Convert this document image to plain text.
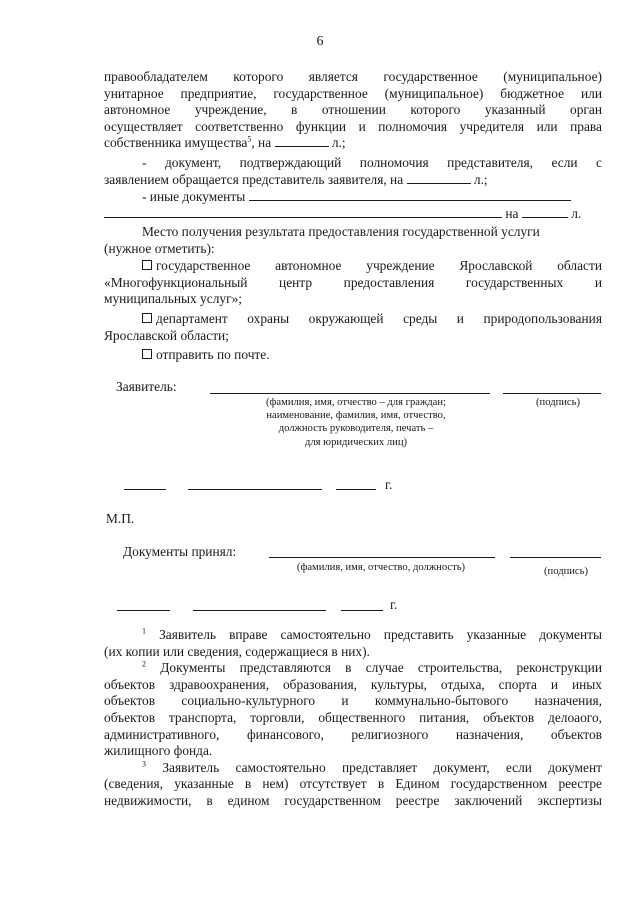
6
правообладателем которого является государственное (муниципальное)
унитарное предприятие, государственное (муниципальное) бюджетное или
автономное учреждение, в отношении которого указанный орган
осуществляет соответственно функции и полномочия учредителя или права
собственника имущества$^5$, на	л.;
- документ, подтверждающий полномочия представителя, если с
заявлением обращается представитель заявителя, на	л.;
- иные документы
на	л.
Место получения результата предоставления государственной услуги
(нужное отметить):
государственное автономное учреждение Ярославской области
«Многофункциональный центр предоставления государственных и
муниципальных услуг»;
департамент охраны окружающей среды и природопользования
Ярославской области;
отправить по почте.
Заявитель:
(фамилия, имя, отчество – для граждан;
наименование, фамилия, имя, отчество,
должность руководителя, печать –
для юридических лиц)
(подпись)
г.
М.П.
Документы принял:
(фамилия, имя, отчество, должность)	(подпись)
г.
$^1$ Заявитель вправе самостоятельно представить указанные документы
(их копии или сведения, содержащиеся в них).
$^2$ Документы представляются в случае строительства, реконструкции
объектов здравоохранения, образования, культуры, отдыха, спорта и иных
объектов социально-культурного и коммунально-бытового назначения,
объектов транспорта, торговли, общественного питания, объектов делоaого,
административного, финансового, религиозного назначения, объектов
жилищного фонда.
$^3$ Заявитель самостоятельно представляет документ, если документ
(сведения, указанные в нем) отсутствует в Едином государственном реестре
недвижимости, в едином государственном реестре заключений экспертизы
